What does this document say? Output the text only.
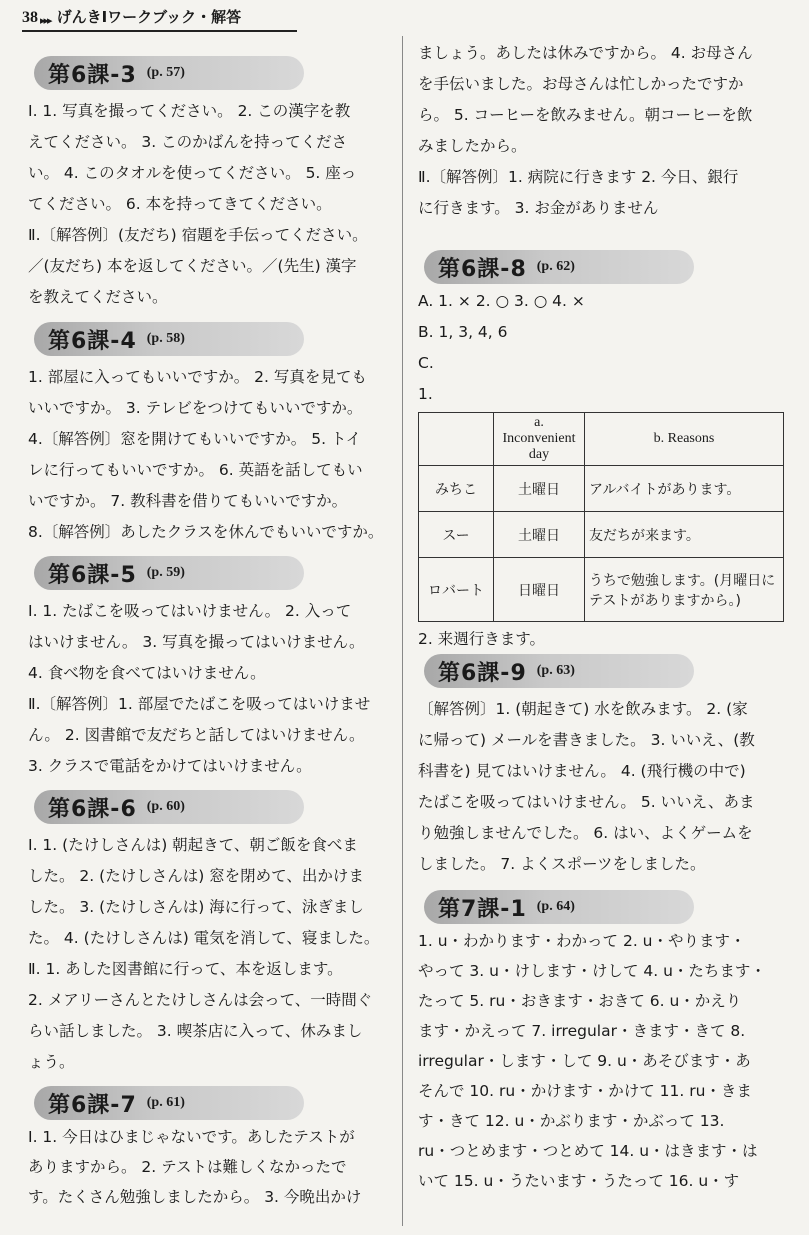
38 ▸▸▸ げんきⅠワークブック・解答
第6課-3 (p. 57)

Ⅰ. 1. 写真を撮ってください。 2. この漢字を教

えてください。 3. このかばんを持ってくださ

い。 4. このタオルを使ってください。 5. 座っ

てください。 6. 本を持ってきてください。

Ⅱ.〔解答例〕(友だち) 宿題を手伝ってください。

／(友だち) 本を返してください。／(先生) 漢字

を教えてください。

第6課-4 (p. 58)

1. 部屋に入ってもいいですか。 2. 写真を見ても

いいですか。 3. テレビをつけてもいいですか。

4.〔解答例〕窓を開けてもいいですか。 5. トイ

レに行ってもいいですか。 6. 英語を話してもい

いですか。 7. 教科書を借りてもいいですか。

8.〔解答例〕あしたクラスを休んでもいいですか。

第6課-5 (p. 59)

Ⅰ. 1. たばこを吸ってはいけません。 2. 入って

はいけません。 3. 写真を撮ってはいけません。

4. 食べ物を食べてはいけません。

Ⅱ.〔解答例〕1. 部屋でたばこを吸ってはいけませ

ん。 2. 図書館で友だちと話してはいけません。

3. クラスで電話をかけてはいけません。

第6課-6 (p. 60)

Ⅰ. 1. (たけしさんは) 朝起きて、朝ご飯を食べま

した。 2. (たけしさんは) 窓を閉めて、出かけま

した。 3. (たけしさんは) 海に行って、泳ぎまし

た。 4. (たけしさんは) 電気を消して、寝ました。

Ⅱ. 1. あした図書館に行って、本を返します。

2. メアリーさんとたけしさんは会って、一時間ぐ

らい話しました。 3. 喫茶店に入って、休みまし

ょう。

第6課-7 (p. 61)

Ⅰ. 1. 今日はひまじゃないです。あしたテストが

ありますから。 2. テストは難しくなかったで

す。たくさん勉強しましたから。 3. 今晩出かけ

ましょう。あしたは休みですから。 4. お母さん

を手伝いました。お母さんは忙しかったですか

ら。 5. コーヒーを飲みません。朝コーヒーを飲

みましたから。

Ⅱ.〔解答例〕1. 病院に行きます 2. 今日、銀行

に行きます。 3. お金がありません

第6課-8 (p. 62)

A. 1. × 2. ○ 3. ○ 4. ×

B. 1, 3, 4, 6

C.

1.

	a. Inconvenient day	b. Reasons
みちこ	土曜日	アルバイトがあります。
スー	土曜日	友だちが来ます。
ロバート	日曜日	うちで勉強します。(月曜日にテストがありますから。)

2. 来週行きます。

第6課-9 (p. 63)

〔解答例〕1. (朝起きて) 水を飲みます。 2. (家

に帰って) メールを書きました。 3. いいえ、(教

科書を) 見てはいけません。 4. (飛行機の中で)

たばこを吸ってはいけません。 5. いいえ、あま

り勉強しませんでした。 6. はい、よくゲームを

しました。 7. よくスポーツをしました。

第7課-1 (p. 64)

1. u・わかります・わかって 2. u・やります・

やって 3. u・けします・けして 4. u・たちます・

たって 5. ru・おきます・おきて 6. u・かえり

ます・かえって 7. irregular・きます・きて 8.

irregular・します・して 9. u・あそびます・あ

そんで 10. ru・かけます・かけて 11. ru・きま

す・きて 12. u・かぶります・かぶって 13.

ru・つとめます・つとめて 14. u・はきます・は

いて 15. u・うたいます・うたって 16. u・す
